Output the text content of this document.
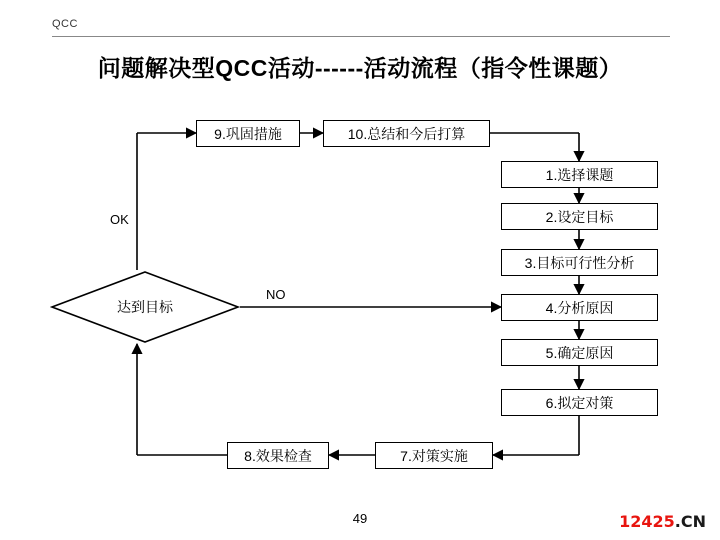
QCC
问题解决型QCC活动------活动流程（指令性课题）
达到目标
9.巩固措施	10.总结和今后打算
1.选择课题
2.设定目标
3.目标可行性分析
4.分析原因
5.确定原因
6.拟定对策
7.对策实施
8.效果检查
OK
NO
49	12425.CN
